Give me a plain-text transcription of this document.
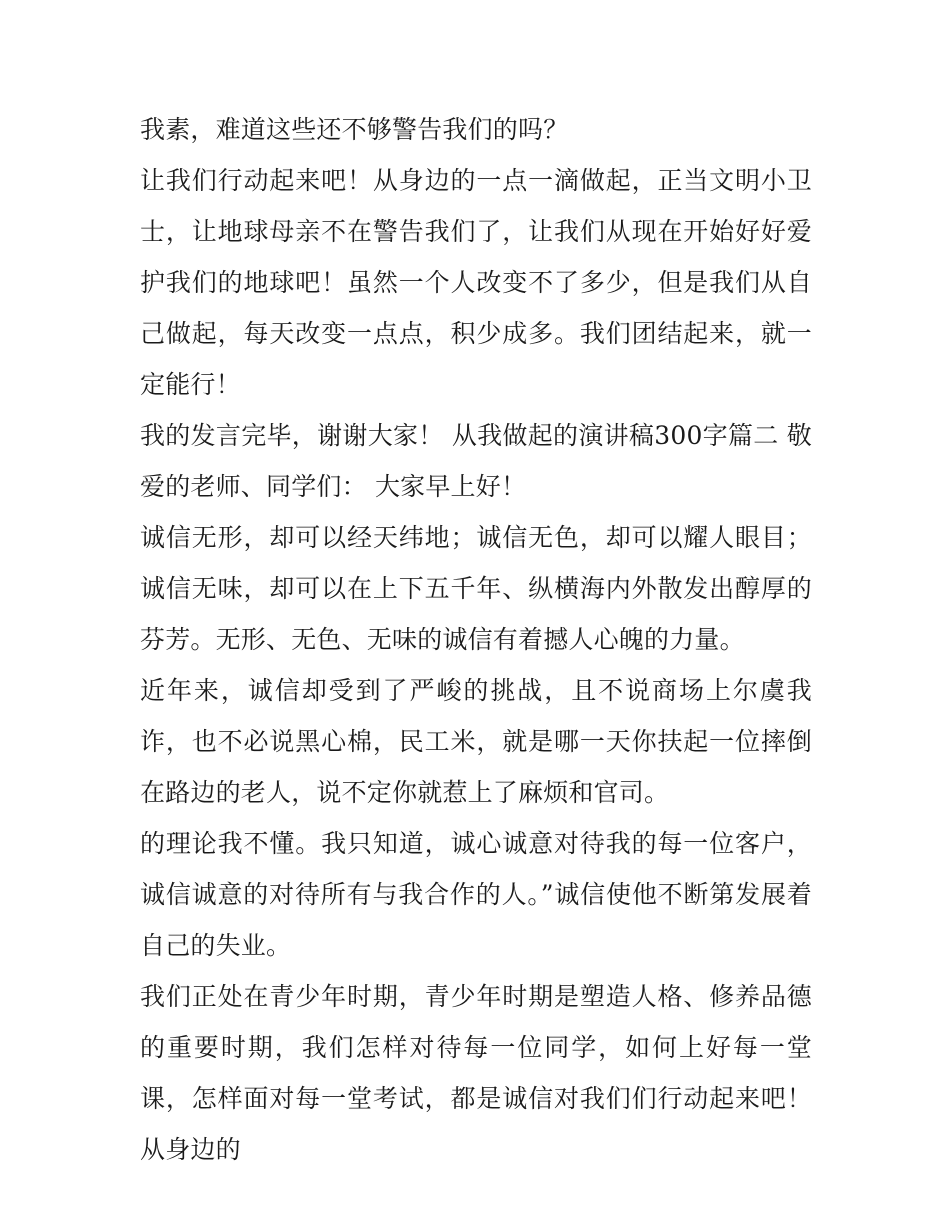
我素，难道这些还不够警告我们的吗？

让我们行动起来吧！从身边的一点一滴做起，正当文明小卫士，让地球母亲不在警告我们了，让我们从现在开始好好爱护我们的地球吧！虽然一个人改变不了多少，但是我们从自己做起，每天改变一点点，积少成多。我们团结起来，就一定能行！

我的发言完毕，谢谢大家！ 从我做起的演讲稿300字篇二 敬爱的老师、同学们： 大家早上好！

诚信无形，却可以经天纬地；诚信无色，却可以耀人眼目；诚信无味，却可以在上下五千年、纵横海内外散发出醇厚的芬芳。无形、无色、无味的诚信有着撼人心魄的力量。

近年来，诚信却受到了严峻的挑战，且不说商场上尔虞我诈，也不必说黑心棉，民工米，就是哪一天你扶起一位摔倒在路边的老人，说不定你就惹上了麻烦和官司。

的理论我不懂。我只知道，诚心诚意对待我的每一位客户，诚信诚意的对待所有与我合作的人。”诚信使他不断第发展着自己的失业。

我们正处在青少年时期，青少年时期是塑造人格、修养品德的重要时期，我们怎样对待每一位同学，如何上好每一堂课，怎样面对每一堂考试，都是诚信对我们们行动起来吧！从身边的
